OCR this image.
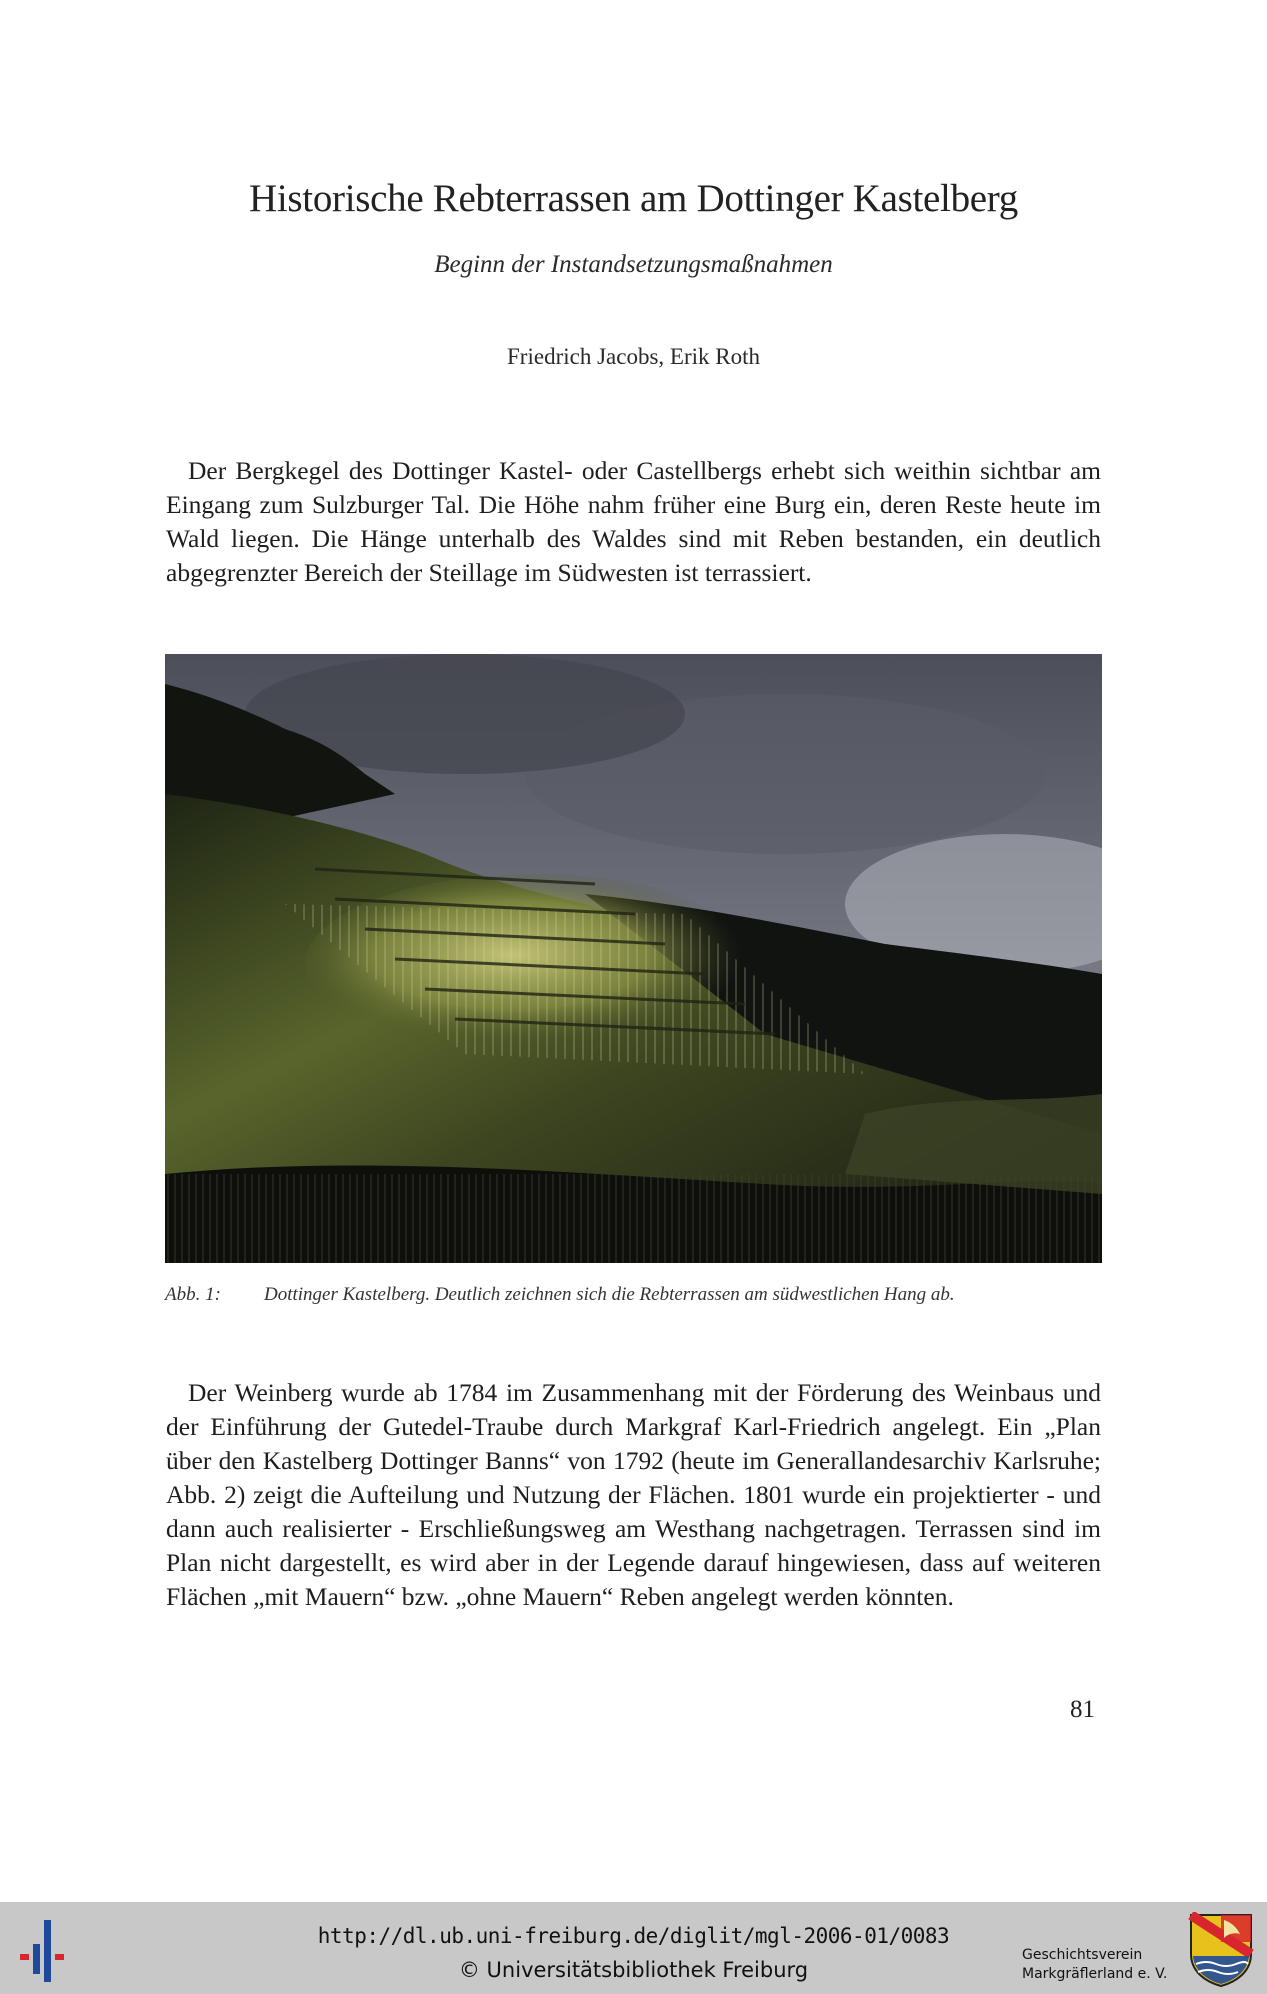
Historische Rebterrassen am Dottinger Kastelberg
Beginn der Instandsetzungsmaßnahmen
Friedrich Jacobs, Erik Roth

Der Bergkegel des Dottinger Kastel- oder Castellbergs erhebt sich weithin sichtbar am Eingang zum Sulzburger Tal. Die Höhe nahm früher eine Burg ein, deren Reste heute im Wald liegen. Die Hänge unterhalb des Waldes sind mit Reben bestanden, ein deutlich abgegrenzter Bereich der Steillage im Südwesten ist terrassiert.

Abb. 1: Dottinger Kastelberg. Deutlich zeichnen sich die Rebterrassen am südwestlichen Hang ab.

Der Weinberg wurde ab 1784 im Zusammenhang mit der Förderung des Weinbaus und der Einführung der Gutedel-Traube durch Markgraf Karl-Friedrich angelegt. Ein „Plan über den Kastelberg Dottinger Banns“ von 1792 (heute im Generallandesarchiv Karlsruhe; Abb. 2) zeigt die Aufteilung und Nutzung der Flächen. 1801 wurde ein projektierter - und dann auch realisierter - Erschließungsweg am Westhang nachgetragen. Terrassen sind im Plan nicht dargestellt, es wird aber in der Legende darauf hingewiesen, dass auf weiteren Flächen „mit Mauern“ bzw. „ohne Mauern“ Reben angelegt werden könnten.

81
http://dl.ub.uni-freiburg.de/diglit/mgl-2006-01/0083
© Universitätsbibliothek Freiburg
Geschichtsverein
Markgräflerland e. V.
